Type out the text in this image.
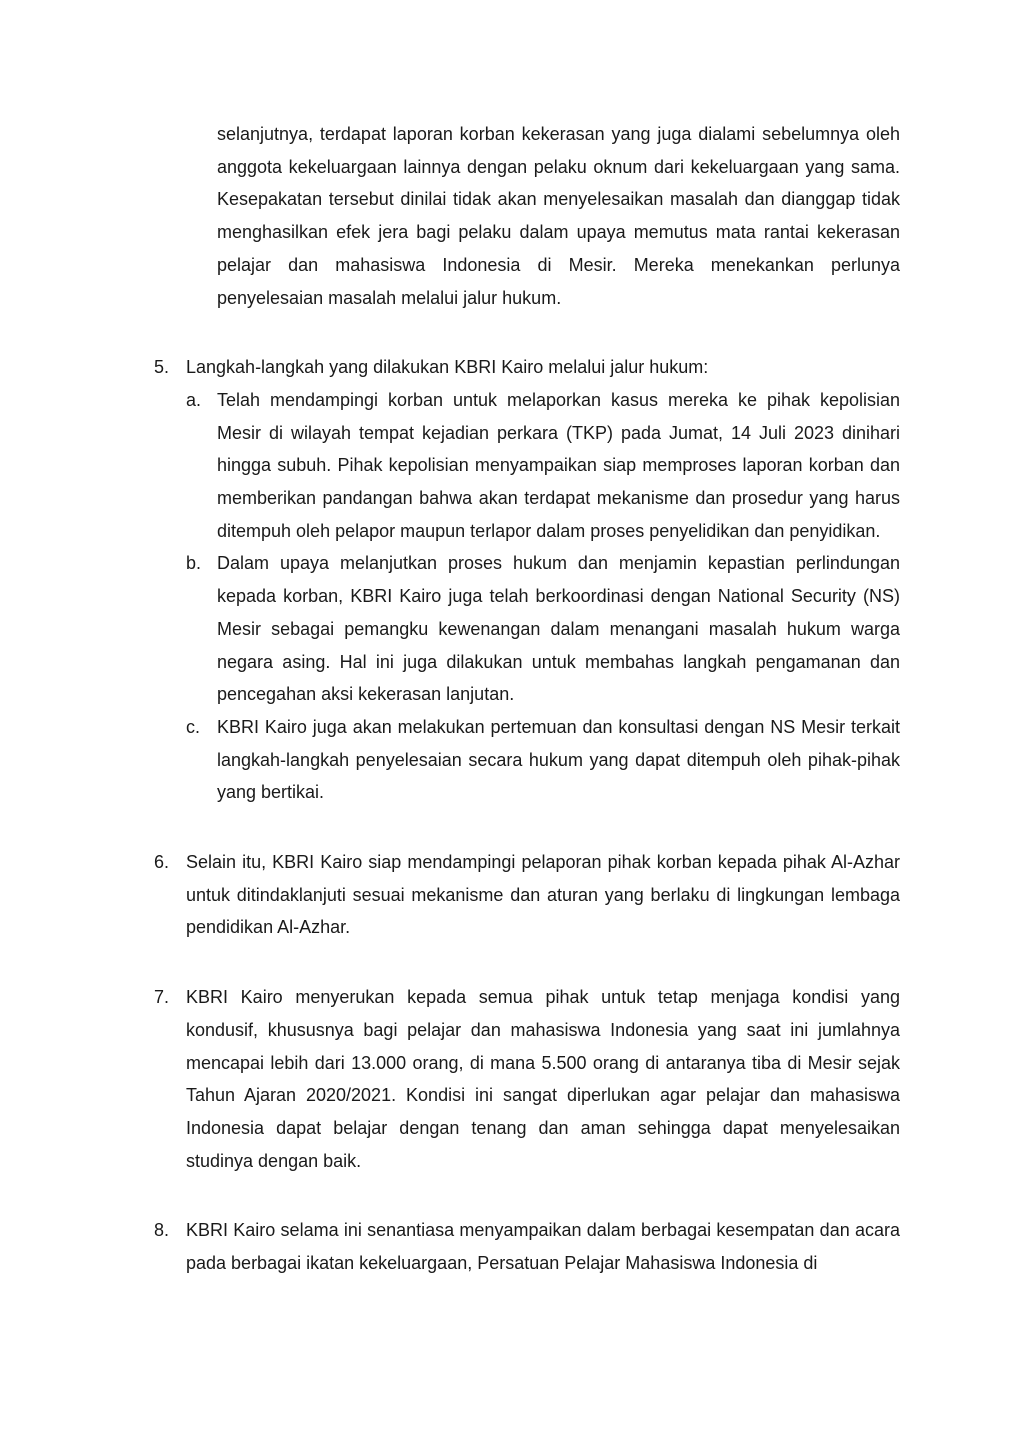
selanjutnya, terdapat laporan korban kekerasan yang juga dialami sebelumnya oleh anggota kekeluargaan lainnya dengan pelaku oknum dari kekeluargaan yang sama. Kesepakatan tersebut dinilai tidak akan menyelesaikan masalah dan dianggap tidak menghasilkan efek jera bagi pelaku dalam upaya memutus mata rantai kekerasan pelajar dan mahasiswa Indonesia di Mesir. Mereka menekankan perlunya penyelesaian masalah melalui jalur hukum.

5. Langkah-langkah yang dilakukan KBRI Kairo melalui jalur hukum:

a. Telah mendampingi korban untuk melaporkan kasus mereka ke pihak kepolisian Mesir di wilayah tempat kejadian perkara (TKP) pada Jumat, 14 Juli 2023 dinihari hingga subuh. Pihak kepolisian menyampaikan siap memproses laporan korban dan memberikan pandangan bahwa akan terdapat mekanisme dan prosedur yang harus ditempuh oleh pelapor maupun terlapor dalam proses penyelidikan dan penyidikan.

b. Dalam upaya melanjutkan proses hukum dan menjamin kepastian perlindungan kepada korban, KBRI Kairo juga telah berkoordinasi dengan National Security (NS) Mesir sebagai pemangku kewenangan dalam menangani masalah hukum warga negara asing. Hal ini juga dilakukan untuk membahas langkah pengamanan dan pencegahan aksi kekerasan lanjutan.

c. KBRI Kairo juga akan melakukan pertemuan dan konsultasi dengan NS Mesir terkait langkah-langkah penyelesaian secara hukum yang dapat ditempuh oleh pihak-pihak yang bertikai.

6. Selain itu, KBRI Kairo siap mendampingi pelaporan pihak korban kepada pihak Al-Azhar untuk ditindaklanjuti sesuai mekanisme dan aturan yang berlaku di lingkungan lembaga pendidikan Al-Azhar.

7. KBRI Kairo menyerukan kepada semua pihak untuk tetap menjaga kondisi yang kondusif, khususnya bagi pelajar dan mahasiswa Indonesia yang saat ini jumlahnya mencapai lebih dari 13.000 orang, di mana 5.500 orang di antaranya tiba di Mesir sejak Tahun Ajaran 2020/2021. Kondisi ini sangat diperlukan agar pelajar dan mahasiswa Indonesia dapat belajar dengan tenang dan aman sehingga dapat menyelesaikan studinya dengan baik.

8. KBRI Kairo selama ini senantiasa menyampaikan dalam berbagai kesempatan dan acara pada berbagai ikatan kekeluargaan, Persatuan Pelajar Mahasiswa Indonesia di
